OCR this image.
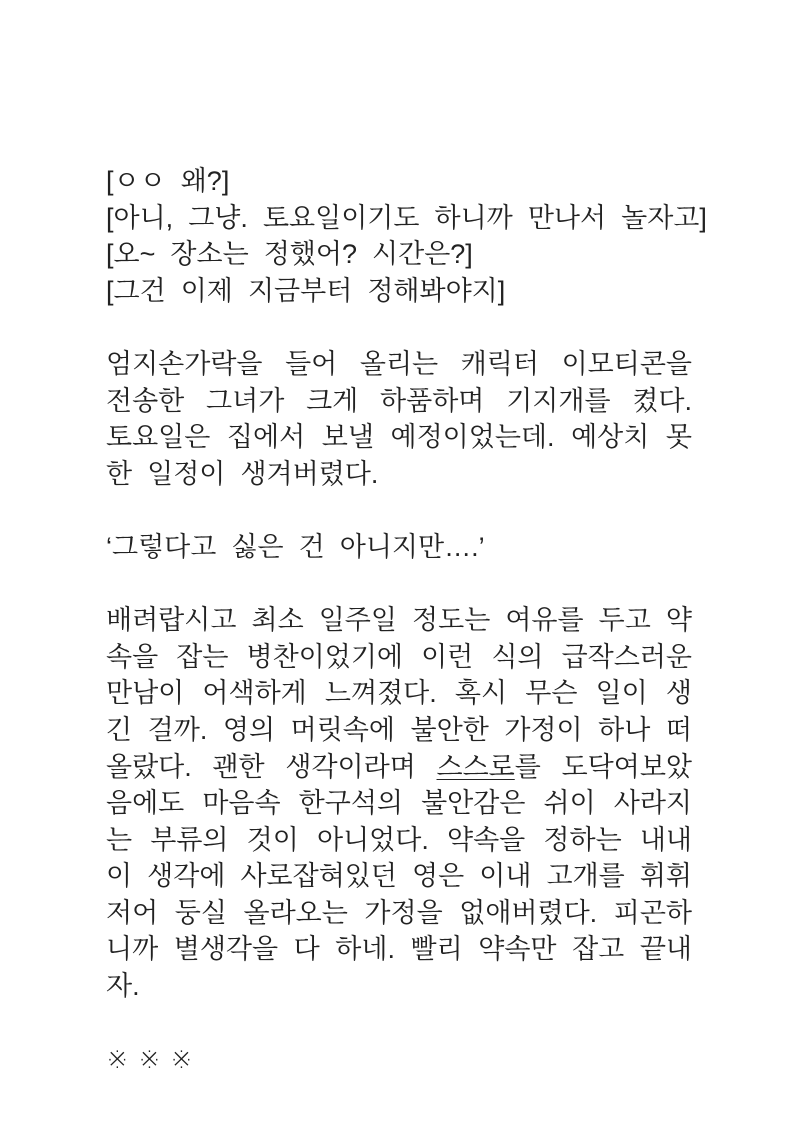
[ㅇㅇ 왜?]
[아니, 그냥. 토요일이기도 하니까 만나서 놀자고]
[오~ 장소는 정했어? 시간은?]
[그건 이제 지금부터 정해봐야지]

엄지손가락을 들어 올리는 캐릭터 이모티콘을 전송한 그녀가 크게 하품하며 기지개를 켰다. 토요일은 집에서 보낼 예정이었는데. 예상치 못한 일정이 생겨버렸다.

‘그렇다고 싫은 건 아니지만….’

배려랍시고 최소 일주일 정도는 여유를 두고 약속을 잡는 병찬이었기에 이런 식의 급작스러운 만남이 어색하게 느껴졌다. 혹시 무슨 일이 생긴 걸까. 영의 머릿속에 불안한 가정이 하나 떠올랐다. 괜한 생각이라며 스스로를 도닥여보았음에도 마음속 한구석의 불안감은 쉬이 사라지는 부류의 것이 아니었다. 약속을 정하는 내내 이 생각에 사로잡혀있던 영은 이내 고개를 휘휘 저어 둥실 올라오는 가정을 없애버렸다. 피곤하니까 별생각을 다 하네. 빨리 약속만 잡고 끝내자.

※※※
